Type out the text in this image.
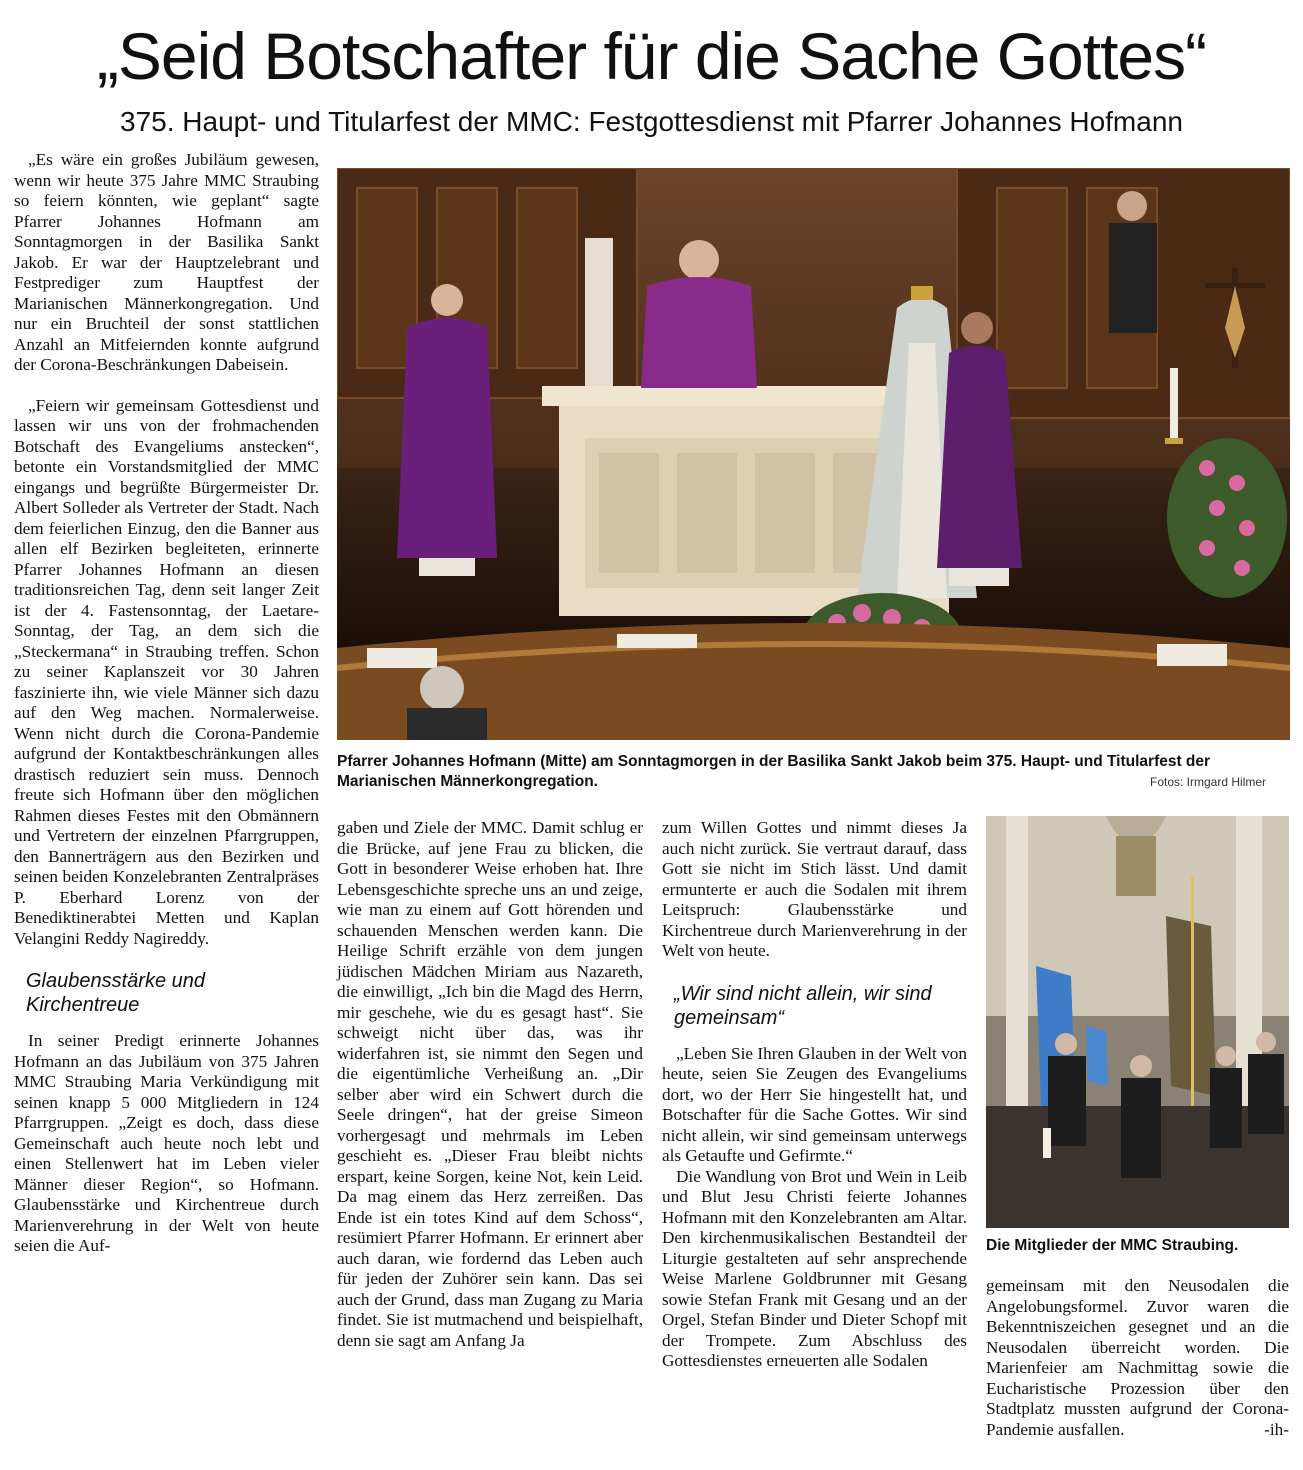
„Seid Botschafter für die Sache Gottes“
375. Haupt- und Titularfest der MMC: Festgottesdienst mit Pfarrer Johannes Hofmann

„Es wäre ein großes Jubiläum gewesen, wenn wir heute 375 Jahre MMC Straubing so feiern könnten, wie geplant“ sagte Pfarrer Johannes Hofmann am Sonntagmorgen in der Basilika Sankt Jakob. Er war der Hauptzelebrant und Festprediger zum Hauptfest der Marianischen Männerkongregation. Und nur ein Bruchteil der sonst stattlichen Anzahl an Mitfeiernden konnte aufgrund der Corona-Beschränkungen Dabeisein.

„Feiern wir gemeinsam Gottesdienst und lassen wir uns von der frohmachenden Botschaft des Evangeliums anstecken“, betonte ein Vorstandsmitglied der MMC eingangs und begrüßte Bürgermeister Dr. Albert Solleder als Vertreter der Stadt. Nach dem feierlichen Einzug, den die Banner aus allen elf Bezirken begleiteten, erinnerte Pfarrer Johannes Hofmann an diesen traditionsreichen Tag, denn seit langer Zeit ist der 4. Fastensonntag, der Laetare-Sonntag, der Tag, an dem sich die „Steckermana“ in Straubing treffen. Schon zu seiner Kaplanszeit vor 30 Jahren faszinierte ihn, wie viele Männer sich dazu auf den Weg machen. Normalerweise. Wenn nicht durch die Corona-Pandemie aufgrund der Kontaktbeschränkungen alles drastisch reduziert sein muss. Dennoch freute sich Hofmann über den möglichen Rahmen dieses Festes mit den Obmännern und Vertretern der einzelnen Pfarrgruppen, den Bannerträgern aus den Bezirken und seinen beiden Konzelebranten Zentralpräses P. Eberhard Lorenz von der Benediktinerabtei Metten und Kaplan Velangini Reddy Nagireddy.

Glaubensstärke und Kirchentreue

In seiner Predigt erinnerte Johannes Hofmann an das Jubiläum von 375 Jahren MMC Straubing Maria Verkündigung mit seinen knapp 5 000 Mitgliedern in 124 Pfarrgruppen. „Zeigt es doch, dass diese Gemeinschaft auch heute noch lebt und einen Stellenwert hat im Leben vieler Männer dieser Region“, so Hofmann. Glaubensstärke und Kirchentreue durch Marienverehrung in der Welt von heute seien die Auf-

Pfarrer Johannes Hofmann (Mitte) am Sonntagmorgen in der Basilika Sankt Jakob beim 375. Haupt- und Titularfest der Marianischen Männerkongregation.	Fotos: Irmgard Hilmer

gaben und Ziele der MMC. Damit schlug er die Brücke, auf jene Frau zu blicken, die Gott in besonderer Weise erhoben hat. Ihre Lebensgeschichte spreche uns an und zeige, wie man zu einem auf Gott hörenden und schauenden Menschen werden kann. Die Heilige Schrift erzähle von dem jungen jüdischen Mädchen Miriam aus Nazareth, die einwilligt, „Ich bin die Magd des Herrn, mir geschehe, wie du es gesagt hast“. Sie schweigt nicht über das, was ihr widerfahren ist, sie nimmt den Segen und die eigentümliche Verheißung an. „Dir selber aber wird ein Schwert durch die Seele dringen“, hat der greise Simeon vorhergesagt und mehrmals im Leben geschieht es. „Dieser Frau bleibt nichts erspart, keine Sorgen, keine Not, kein Leid. Da mag einem das Herz zerreißen. Das Ende ist ein totes Kind auf dem Schoss“, resümiert Pfarrer Hofmann. Er erinnert aber auch daran, wie fordernd das Leben auch für jeden der Zuhörer sein kann. Das sei auch der Grund, dass man Zugang zu Maria findet. Sie ist mutmachend und beispielhaft, denn sie sagt am Anfang Ja

zum Willen Gottes und nimmt dieses Ja auch nicht zurück. Sie vertraut darauf, dass Gott sie nicht im Stich lässt. Und damit ermunterte er auch die Sodalen mit ihrem Leitspruch: Glaubensstärke und Kirchentreue durch Marienverehrung in der Welt von heute.

„Wir sind nicht allein, wir sind gemeinsam“

„Leben Sie Ihren Glauben in der Welt von heute, seien Sie Zeugen des Evangeliums dort, wo der Herr Sie hingestellt hat, und Botschafter für die Sache Gottes. Wir sind nicht allein, wir sind gemeinsam unterwegs als Getaufte und Gefirmte.“

Die Wandlung von Brot und Wein in Leib und Blut Jesu Christi feierte Johannes Hofmann mit den Konzelebranten am Altar. Den kirchenmusikalischen Bestandteil der Liturgie gestalteten auf sehr ansprechende Weise Marlene Goldbrunner mit Gesang sowie Stefan Frank mit Gesang und an der Orgel, Stefan Binder und Dieter Schopf mit der Trompete. Zum Abschluss des Gottesdienstes erneuerten alle Sodalen

Die Mitglieder der MMC Straubing.

gemeinsam mit den Neusodalen die Angelobungsformel. Zuvor waren die Bekenntniszeichen gesegnet und an die Neusodalen überreicht worden. Die Marienfeier am Nachmittag sowie die Eucharistische Prozession über den Stadtplatz mussten aufgrund der Corona-Pandemie ausfallen.	-ih-
